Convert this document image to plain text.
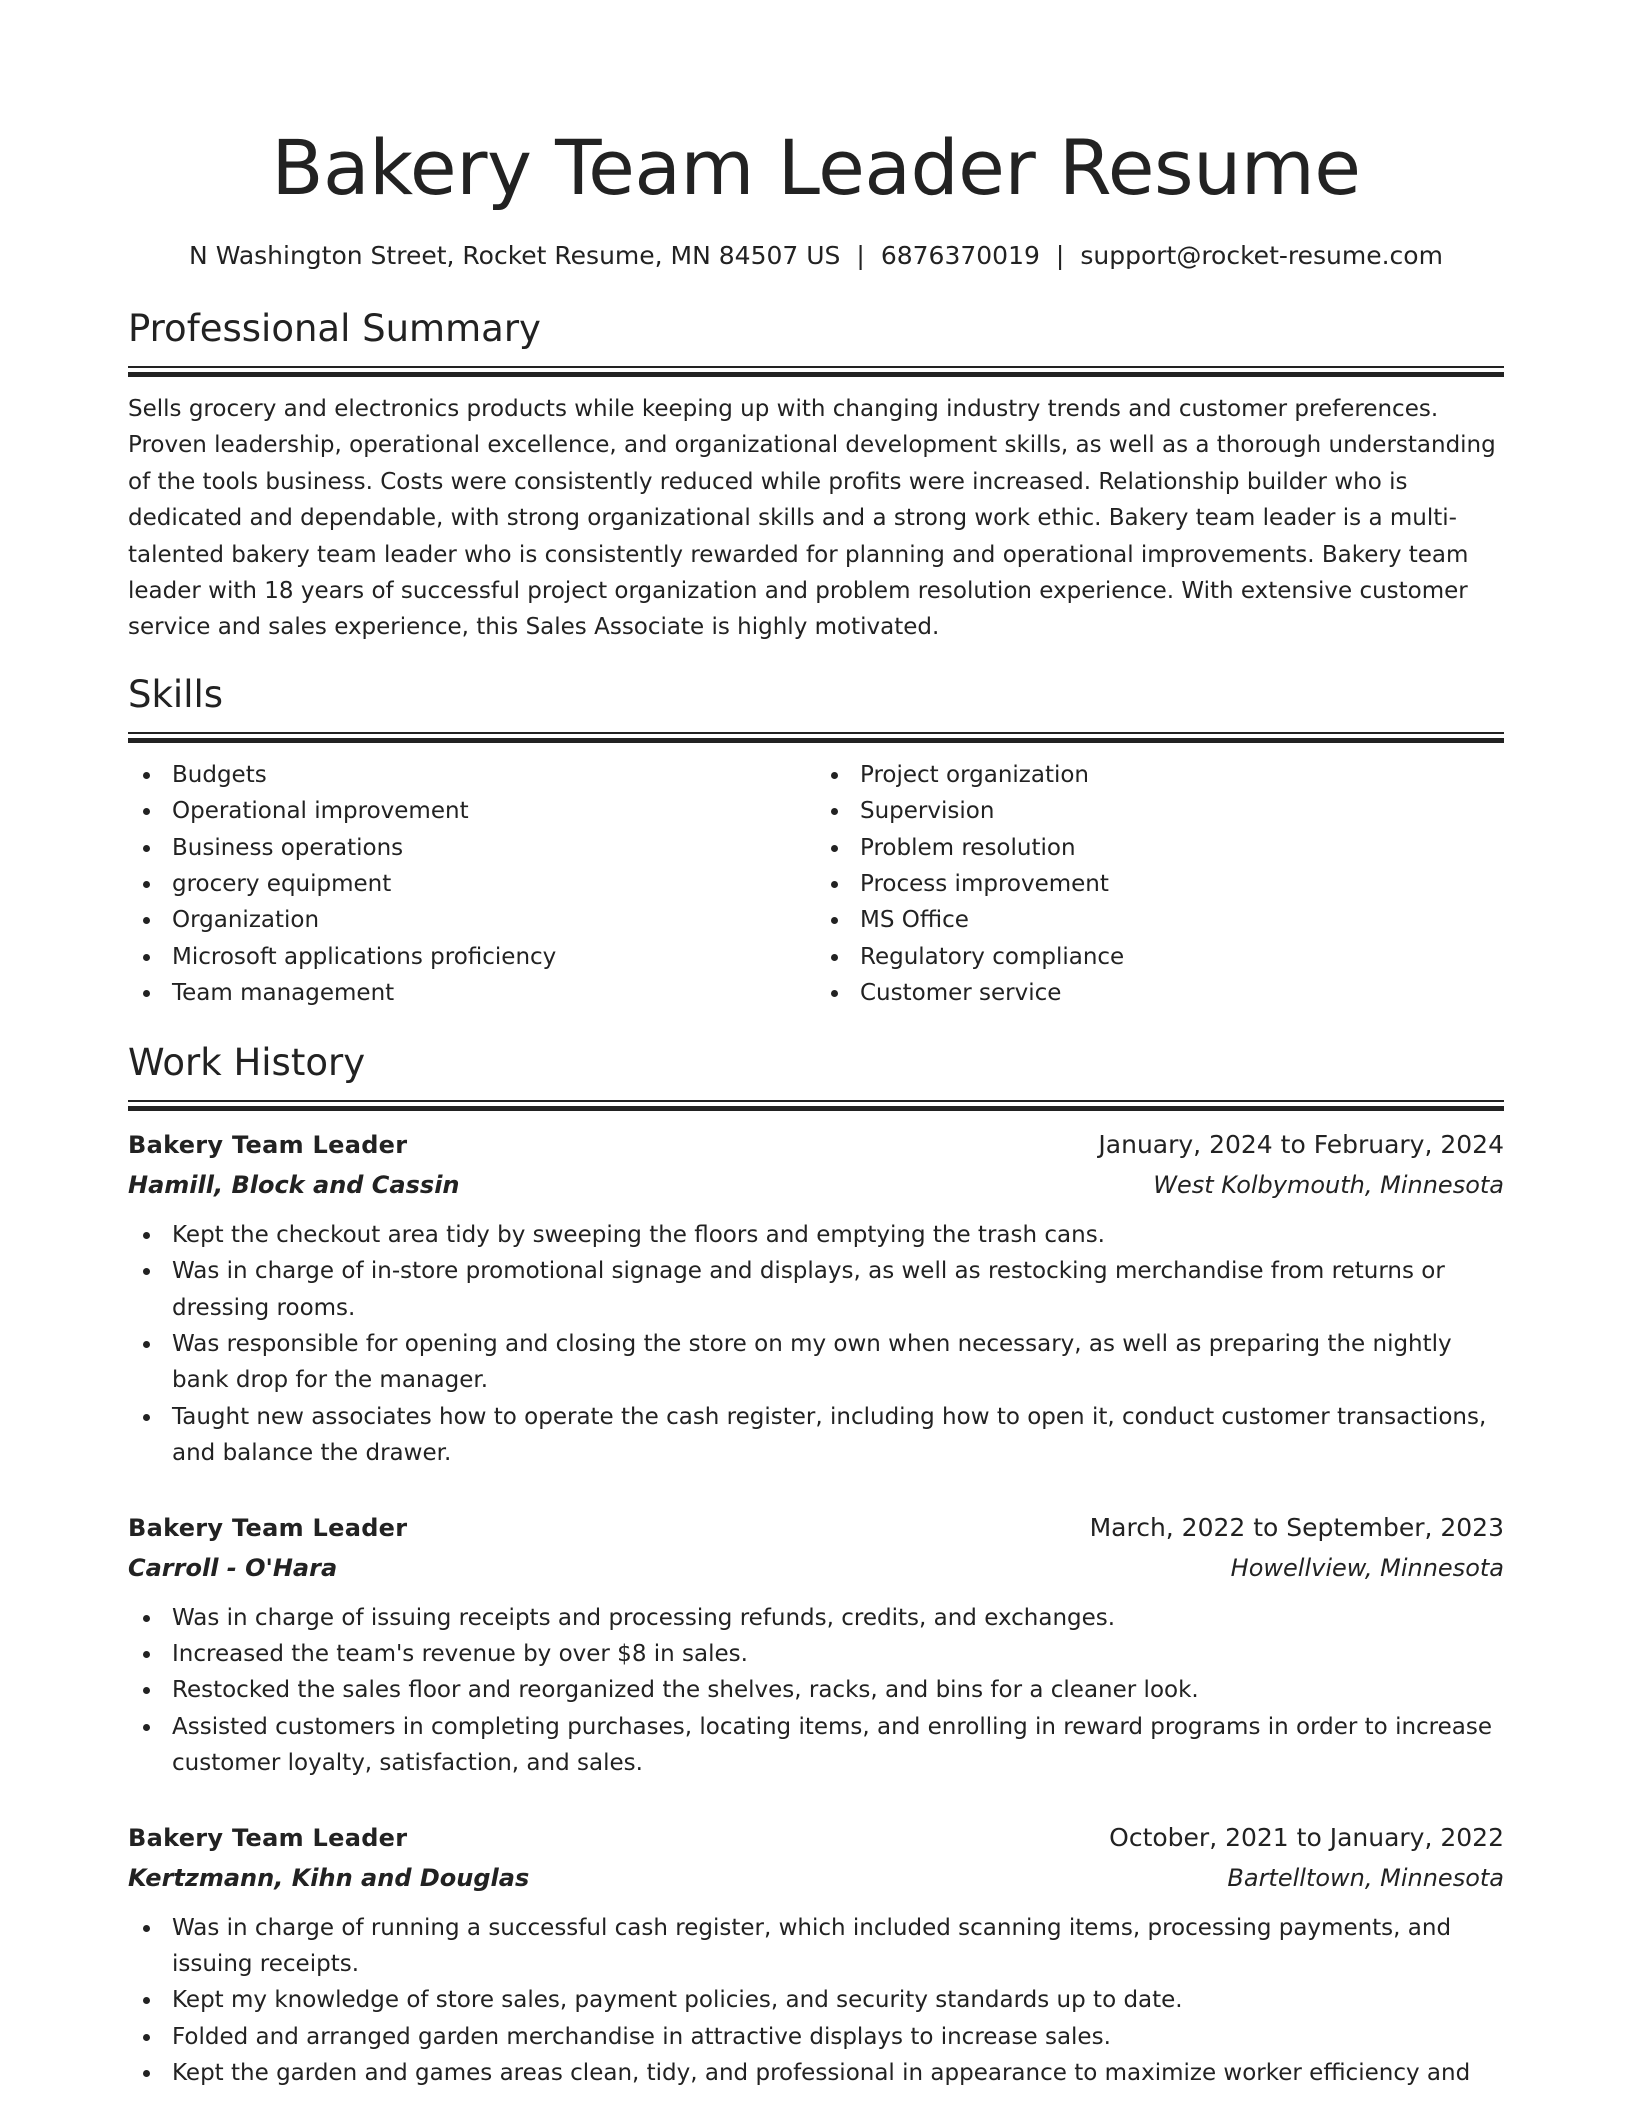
Bakery Team Leader Resume
N Washington Street, Rocket Resume, MN 84507 US | 6876370019 | support@rocket-resume.com
Professional Summary

Sells grocery and electronics products while keeping up with changing industry trends and customer preferences. Proven leadership, operational excellence, and organizational development skills, as well as a thorough understanding of the tools business. Costs were consistently reduced while profits were increased. Relationship builder who is dedicated and dependable, with strong organizational skills and a strong work ethic. Bakery team leader is a multi-talented bakery team leader who is consistently rewarded for planning and operational improvements. Bakery team leader with 18 years of successful project organization and problem resolution experience. With extensive customer service and sales experience, this Sales Associate is highly motivated.

Skills
Budgets
Operational improvement
Business operations
grocery equipment
Organization
Microsoft applications proficiency
Team management
Project organization
Supervision
Problem resolution
Process improvement
MS Office
Regulatory compliance
Customer service
Work History
Bakery Team Leader	January, 2024 to February, 2024
Hamill, Block and Cassin	West Kolbymouth, Minnesota
Kept the checkout area tidy by sweeping the floors and emptying the trash cans.
Was in charge of in-store promotional signage and displays, as well as restocking merchandise from returns or dressing rooms.
Was responsible for opening and closing the store on my own when necessary, as well as preparing the nightly bank drop for the manager.
Taught new associates how to operate the cash register, including how to open it, conduct customer transactions, and balance the drawer.
Bakery Team Leader	March, 2022 to September, 2023
Carroll - O'Hara	Howellview, Minnesota
Was in charge of issuing receipts and processing refunds, credits, and exchanges.
Increased the team's revenue by over $8 in sales.
Restocked the sales floor and reorganized the shelves, racks, and bins for a cleaner look.
Assisted customers in completing purchases, locating items, and enrolling in reward programs in order to increase customer loyalty, satisfaction, and sales.
Bakery Team Leader	October, 2021 to January, 2022
Kertzmann, Kihn and Douglas	Bartelltown, Minnesota
Was in charge of running a successful cash register, which included scanning items, processing payments, and issuing receipts.
Kept my knowledge of store sales, payment policies, and security standards up to date.
Folded and arranged garden merchandise in attractive displays to increase sales.
Kept the garden and games areas clean, tidy, and professional in appearance to maximize worker efficiency and
